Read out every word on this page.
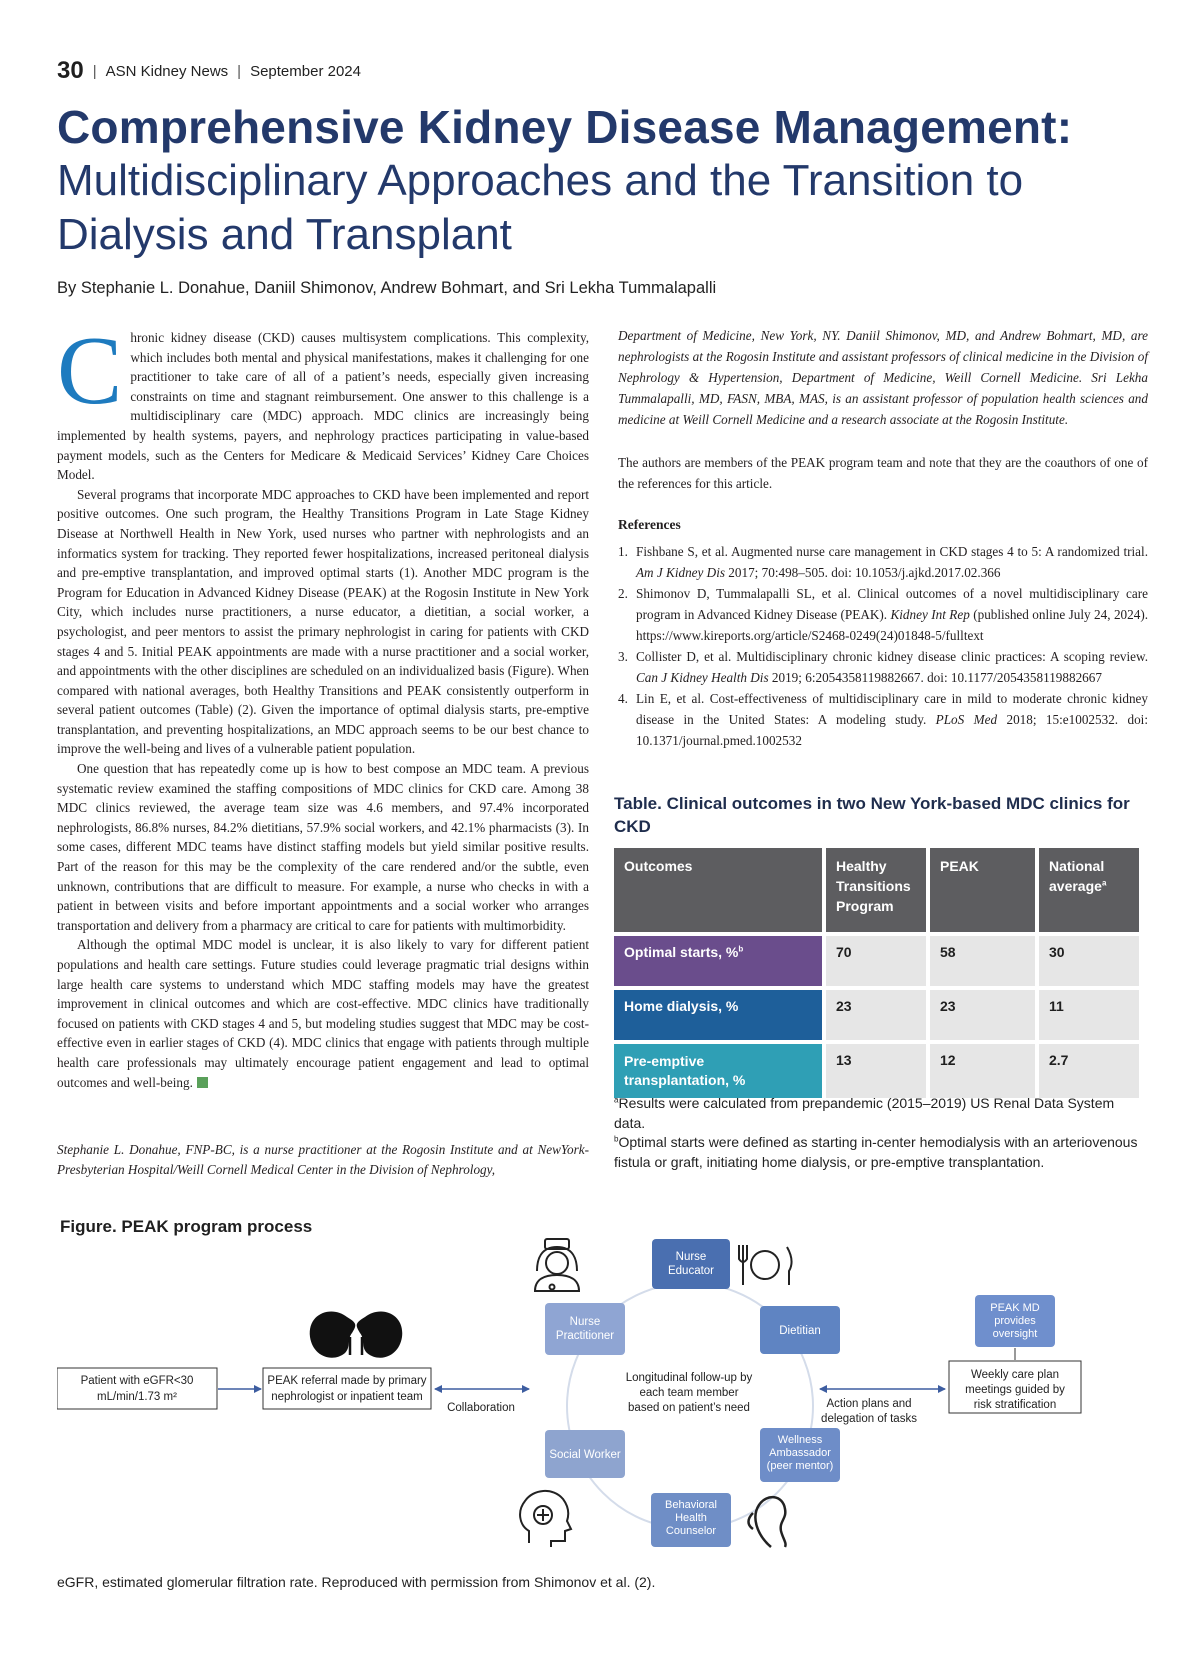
30 | ASN Kidney News | September 2024
Comprehensive Kidney Disease Management:
Multidisciplinary Approaches and the Transition to
Dialysis and Transplant
By Stephanie L. Donahue, Daniil Shimonov, Andrew Bohmart, and Sri Lekha Tummalapalli

Chronic kidney disease (CKD) causes multisystem complications. This complexity, which includes both mental and physical manifestations, makes it challenging for one practitioner to take care of all of a patient’s needs, especially given increasing constraints on time and stagnant reimbursement. One answer to this challenge is a multidisciplinary care (MDC) approach. MDC clinics are increasingly being implemented by health systems, payers, and nephrology practices participating in value-based payment models, such as the Centers for Medicare & Medicaid Services’ Kidney Care Choices Model.

Several programs that incorporate MDC approaches to CKD have been implemented and report positive outcomes. One such program, the Healthy Transitions Program in Late Stage Kidney Disease at Northwell Health in New York, used nurses who partner with nephrologists and an informatics system for tracking. They reported fewer hospitalizations, increased peritoneal dialysis and pre-emptive transplantation, and improved optimal starts (1). Another MDC program is the Program for Education in Advanced Kidney Disease (PEAK) at the Rogosin Institute in New York City, which includes nurse practitioners, a nurse educator, a dietitian, a social worker, a psychologist, and peer mentors to assist the primary nephrologist in caring for patients with CKD stages 4 and 5. Initial PEAK appointments are made with a nurse practitioner and a social worker, and appointments with the other disciplines are scheduled on an individualized basis (Figure). When compared with national averages, both Healthy Transitions and PEAK consistently outperform in several patient outcomes (Table) (2). Given the importance of optimal dialysis starts, pre-emptive transplantation, and preventing hospitalizations, an MDC approach seems to be our best chance to improve the well-being and lives of a vulnerable patient population.

One question that has repeatedly come up is how to best compose an MDC team. A previous systematic review examined the staffing compositions of MDC clinics for CKD care. Among 38 MDC clinics reviewed, the average team size was 4.6 members, and 97.4% incorporated nephrologists, 86.8% nurses, 84.2% dietitians, 57.9% social workers, and 42.1% pharmacists (3). In some cases, different MDC teams have distinct staffing models but yield similar positive results. Part of the reason for this may be the complexity of the care rendered and/or the subtle, even unknown, contributions that are difficult to measure. For example, a nurse who checks in with a patient in between visits and before important appointments and a social worker who arranges transportation and delivery from a pharmacy are critical to care for patients with multimorbidity.

Although the optimal MDC model is unclear, it is also likely to vary for different patient populations and health care settings. Future studies could leverage pragmatic trial designs within large health care systems to understand which MDC staffing models may have the greatest improvement in clinical outcomes and which are cost-effective. MDC clinics have traditionally focused on patients with CKD stages 4 and 5, but modeling studies suggest that MDC may be cost-effective even in earlier stages of CKD (4). MDC clinics that engage with patients through multiple health care professionals may ultimately encourage patient engagement and lead to optimal outcomes and well-being.

Stephanie L. Donahue, FNP-BC, is a nurse practitioner at the Rogosin Institute and at NewYork-Presbyterian Hospital/Weill Cornell Medical Center in the Division of Nephrology,
Department of Medicine, New York, NY. Daniil Shimonov, MD, and Andrew Bohmart, MD, are nephrologists at the Rogosin Institute and assistant professors of clinical medicine in the Division of Nephrology & Hypertension, Department of Medicine, Weill Cornell Medicine. Sri Lekha Tummalapalli, MD, FASN, MBA, MAS, is an assistant professor of population health sciences and medicine at Weill Cornell Medicine and a research associate at the Rogosin Institute.
The authors are members of the PEAK program team and note that they are the coauthors of one of the references for this article.
References
1. Fishbane S, et al. Augmented nurse care management in CKD stages 4 to 5: A randomized trial. Am J Kidney Dis 2017; 70:498–505. doi: 10.1053/j.ajkd.2017.02.366
2. Shimonov D, Tummalapalli SL, et al. Clinical outcomes of a novel multidisciplinary care program in Advanced Kidney Disease (PEAK). Kidney Int Rep (published online July 24, 2024). https://www.kireports.org/article/S2468-0249(24)01848-5/fulltext
3. Collister D, et al. Multidisciplinary chronic kidney disease clinic practices: A scoping review. Can J Kidney Health Dis 2019; 6:2054358119882667. doi: 10.1177/2054358119882667
4. Lin E, et al. Cost-effectiveness of multidisciplinary care in mild to moderate chronic kidney disease in the United States: A modeling study. PLoS Med 2018; 15:e1002532. doi: 10.1371/journal.pmed.1002532
Table. Clinical outcomes in two New York-based MDC clinics for CKD
Outcomes	Healthy Transitions Program	PEAK	National average$^a$
Optimal starts, %$^b$	70	58	30
Home dialysis, %	23	23	11
Pre-emptive transplantation, %	13	12	2.7
$^a$Results were calculated from prepandemic (2015–2019) US Renal Data System data.
$^b$Optimal starts were defined as starting in-center hemodialysis with an arteriovenous fistula or graft, initiating home dialysis, or pre-emptive transplantation.
Figure. PEAK program process
Patient with eGFR<30
mL/min/1.73 m²
PEAK referral made by primary
nephrologist or inpatient team
Collaboration
Longitudinal follow-up by
each team member
based on patient’s need
Nurse
Educator
Nurse
Practitioner	Dietitian
Social Worker
Wellness
Ambassador
(peer mentor)
Behavioral
Health
Counselor
Action plans and
delegation of tasks
PEAK MD
provides
oversight
Weekly care plan
meetings guided by
risk stratification
eGFR, estimated glomerular filtration rate. Reproduced with permission from Shimonov et al. (2).
